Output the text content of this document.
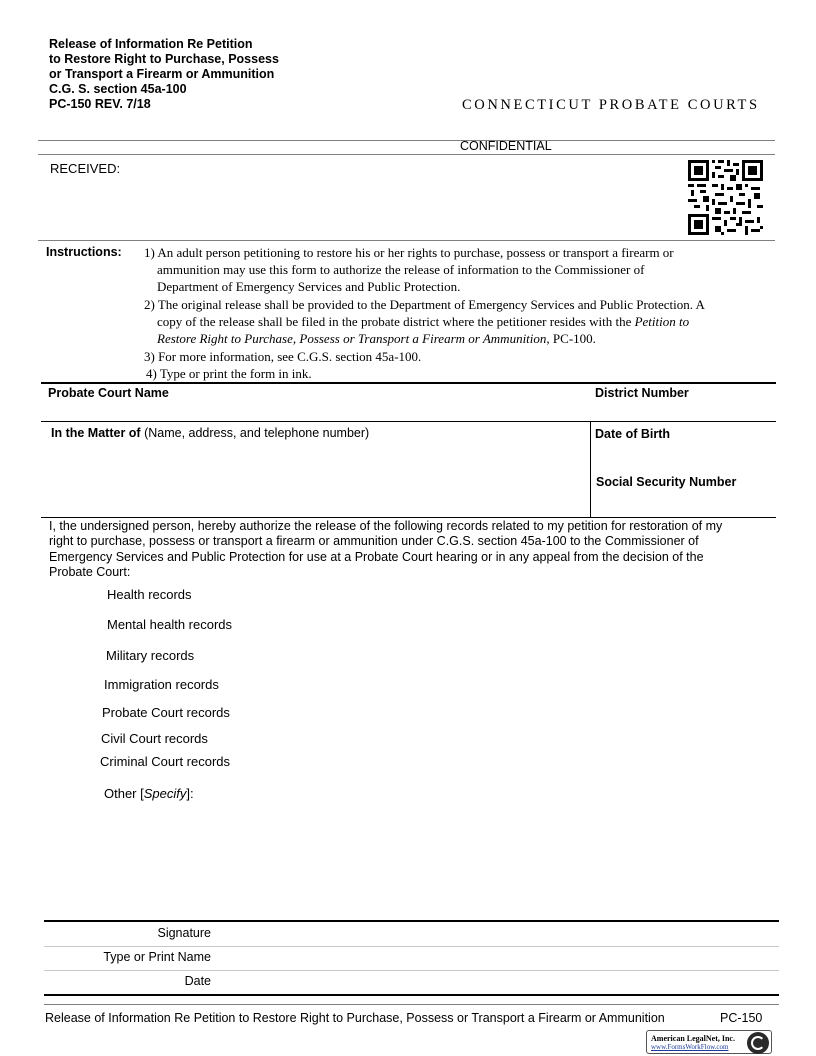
Release of Information Re Petition
to Restore Right to Purchase, Possess
or Transport a Firearm or Ammunition
C.G. S. section 45a-100
PC-150 REV. 7/18	CONNECTICUT PROBATE COURTS
CONFIDENTIAL
RECEIVED:
Instructions: 1) An adult person petitioning to restore his or her rights to purchase, possess or transport a firearm or
ammunition may use this form to authorize the release of information to the Commissioner of
Department of Emergency Services and Public Protection.
2) The original release shall be provided to the Department of Emergency Services and Public Protection. A
copy of the release shall be filed in the probate district where the petitioner resides with the Petition to
Restore Right to Purchase, Possess or Transport a Firearm or Ammunition, PC-100.
3) For more information, see C.G.S. section 45a-100.
4) Type or print the form in ink.
Probate Court Name	District Number
In the Matter of (Name, address, and telephone number)	Date of Birth
Social Security Number
I, the undersigned person, hereby authorize the release of the following records related to my petition for restoration of my
right to purchase, possess or transport a firearm or ammunition under C.G.S. section 45a-100 to the Commissioner of
Emergency Services and Public Protection for use at a Probate Court hearing or in any appeal from the decision of the
Probate Court:
Health records
Mental health records
Military records
Immigration records
Probate Court records
Civil Court records
Criminal Court records
Other [Specify]:
Signature
Type or Print Name
Date
Release of Information Re Petition to Restore Right to Purchase, Possess or Transport a Firearm or Ammunition	PC-150
American LegalNet, Inc.
www.FormsWorkFlow.com
